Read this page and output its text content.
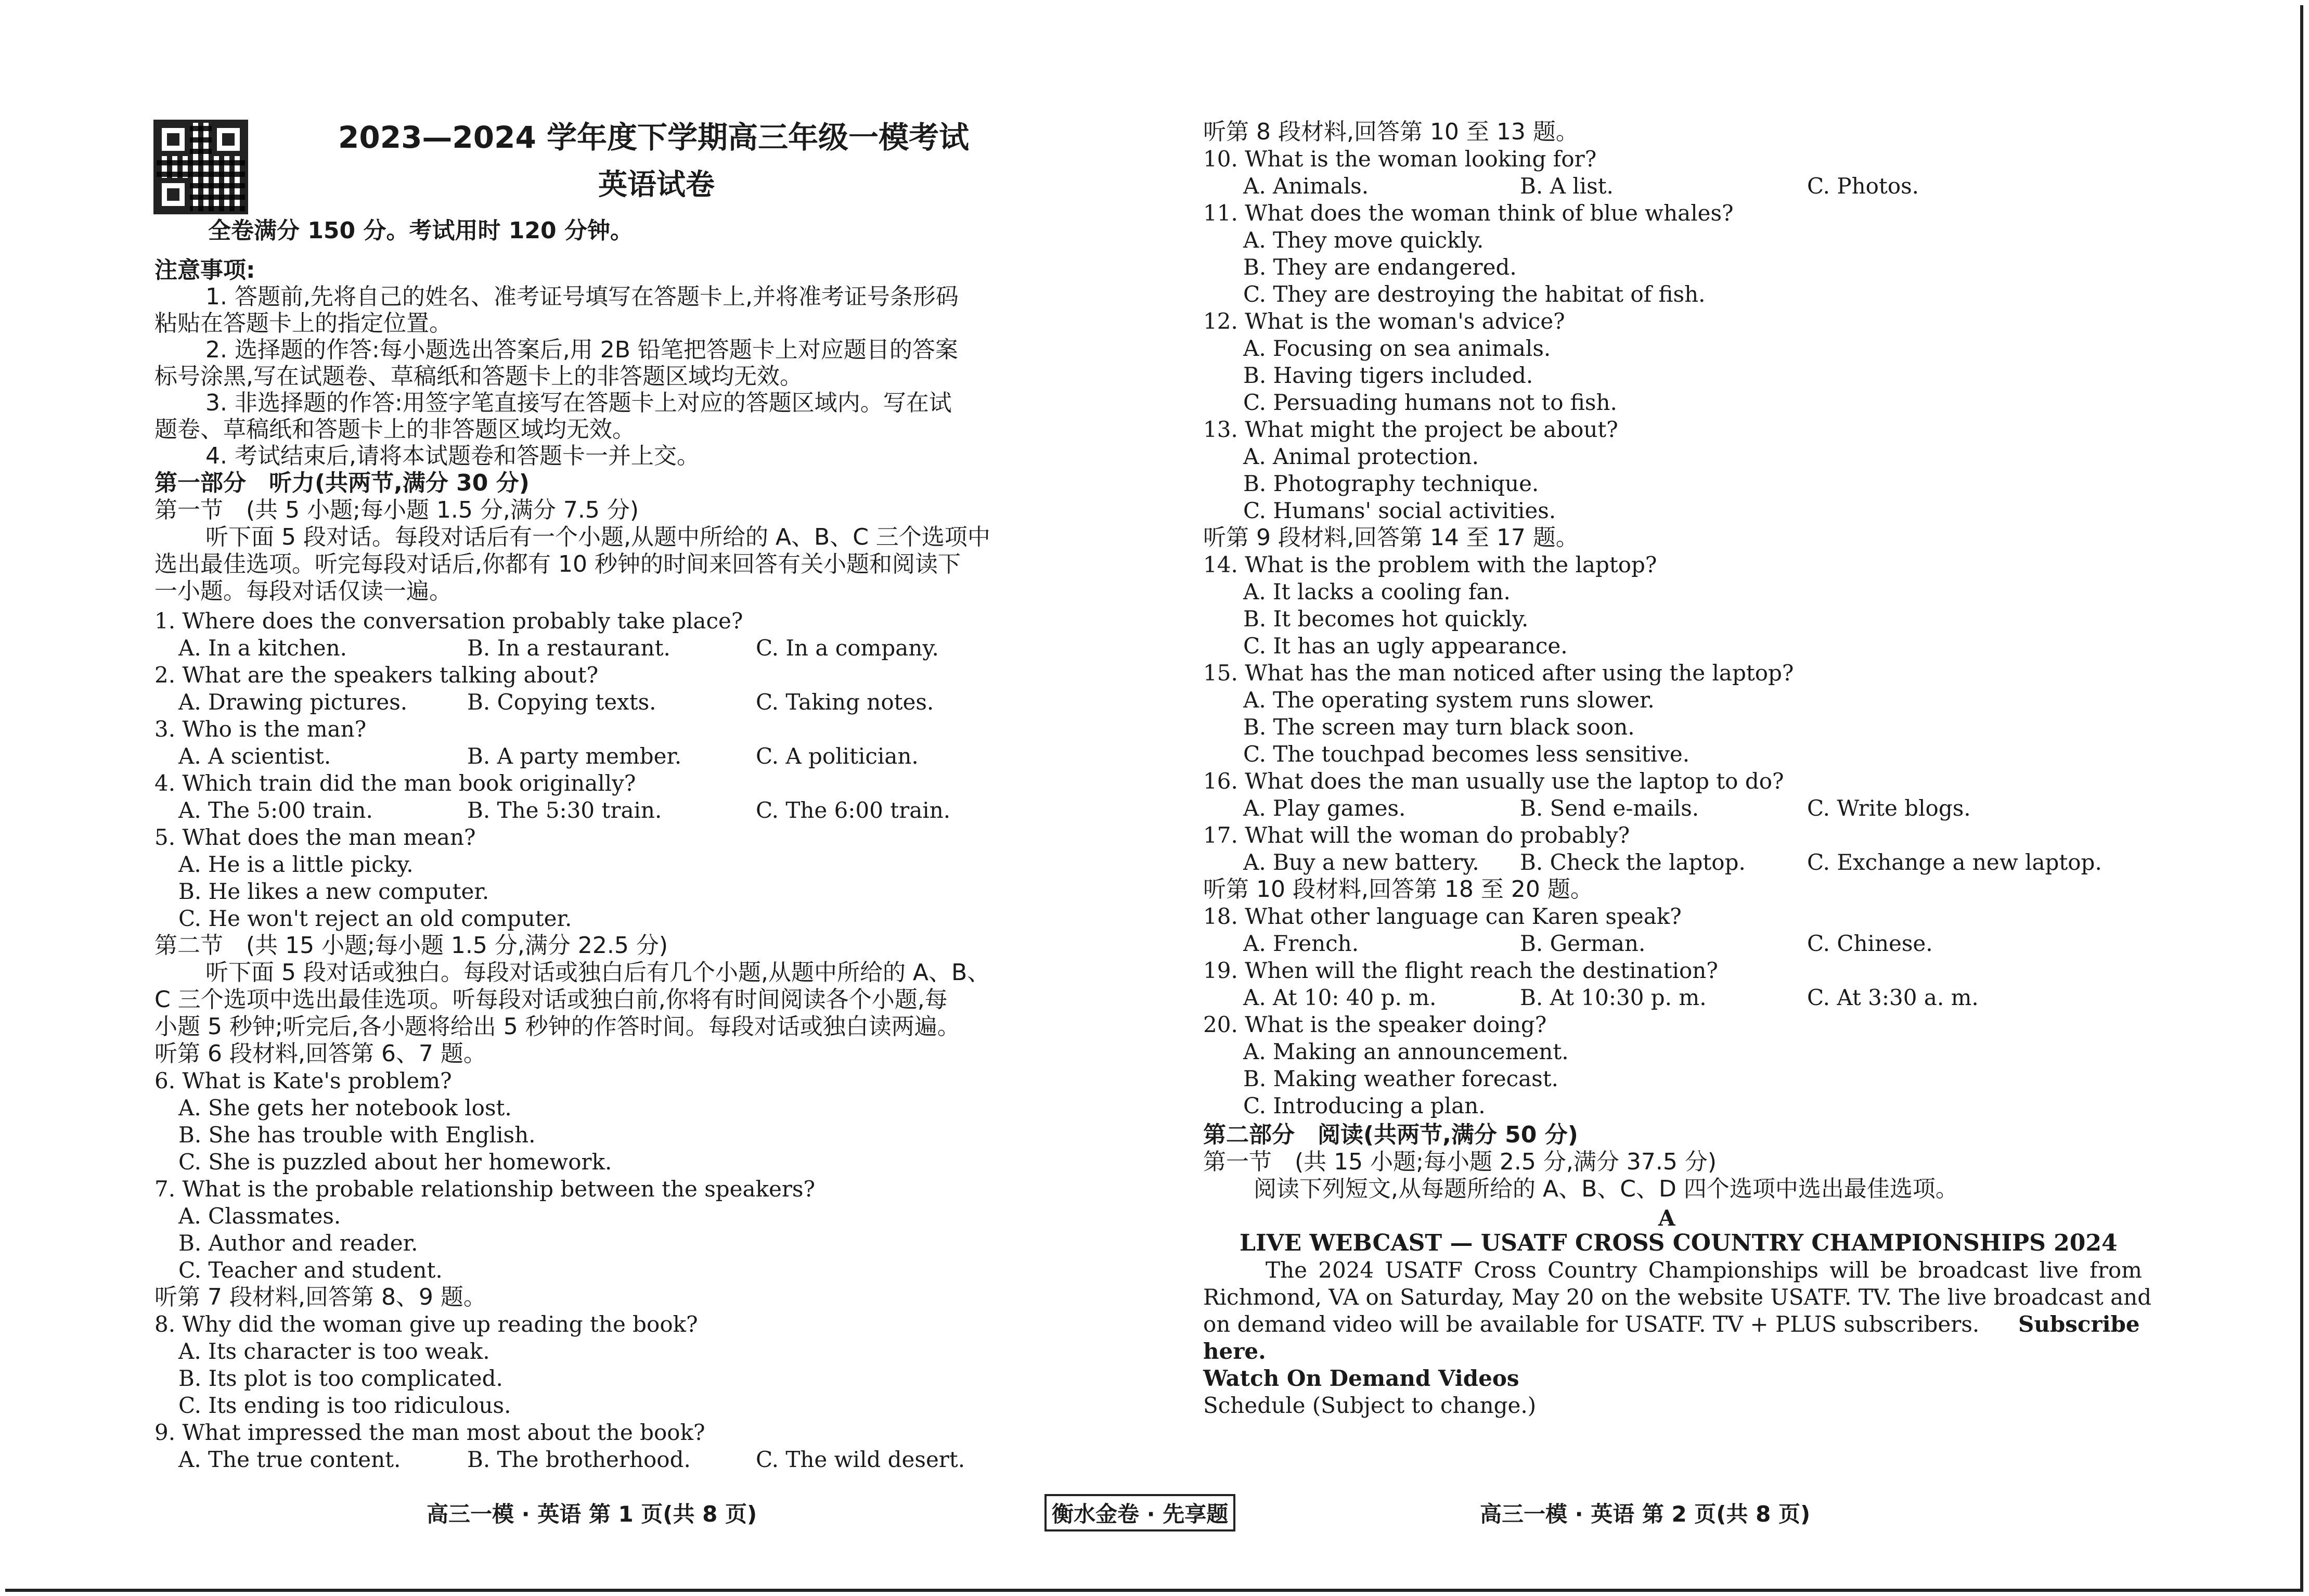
2023—2024 学年度下学期高三年级一模考试
英语试卷
全卷满分 150 分。考试用时 120 分钟。
注意事项:
1. 答题前,先将自己的姓名、准考证号填写在答题卡上,并将准考证号条形码
粘贴在答题卡上的指定位置。
2. 选择题的作答:每小题选出答案后,用 2B 铅笔把答题卡上对应题目的答案
标号涂黑,写在试题卷、草稿纸和答题卡上的非答题区域均无效。
3. 非选择题的作答:用签字笔直接写在答题卡上对应的答题区域内。写在试
题卷、草稿纸和答题卡上的非答题区域均无效。
4. 考试结束后,请将本试题卷和答题卡一并上交。
第一部分　听力(共两节,满分 30 分)
第一节　(共 5 小题;每小题 1.5 分,满分 7.5 分)
听下面 5 段对话。每段对话后有一个小题,从题中所给的 A、B、C 三个选项中
选出最佳选项。听完每段对话后,你都有 10 秒钟的时间来回答有关小题和阅读下
一小题。每段对话仅读一遍。
1. Where does the conversation probably take place?
A. In a kitchen.	B. In a restaurant.	C. In a company.
2. What are the speakers talking about?
A. Drawing pictures.	B. Copying texts.	C. Taking notes.
3. Who is the man?
A. A scientist.	B. A party member.	C. A politician.
4. Which train did the man book originally?
A. The 5:00 train.	B. The 5:30 train.	C. The 6:00 train.
5. What does the man mean?
A. He is a little picky.
B. He likes a new computer.
C. He won't reject an old computer.
第二节　(共 15 小题;每小题 1.5 分,满分 22.5 分)
听下面 5 段对话或独白。每段对话或独白后有几个小题,从题中所给的 A、B、
C 三个选项中选出最佳选项。听每段对话或独白前,你将有时间阅读各个小题,每
小题 5 秒钟;听完后,各小题将给出 5 秒钟的作答时间。每段对话或独白读两遍。
听第 6 段材料,回答第 6、7 题。
6. What is Kate's problem?
A. She gets her notebook lost.
B. She has trouble with English.
C. She is puzzled about her homework.
7. What is the probable relationship between the speakers?
A. Classmates.
B. Author and reader.
C. Teacher and student.
听第 7 段材料,回答第 8、9 题。
8. Why did the woman give up reading the book?
A. Its character is too weak.
B. Its plot is too complicated.
C. Its ending is too ridiculous.
9. What impressed the man most about the book?
A. The true content.	B. The brotherhood.	C. The wild desert.
听第 8 段材料,回答第 10 至 13 题。
10. What is the woman looking for?
A. Animals.	B. A list.	C. Photos.
11. What does the woman think of blue whales?
A. They move quickly.
B. They are endangered.
C. They are destroying the habitat of fish.
12. What is the woman's advice?
A. Focusing on sea animals.
B. Having tigers included.
C. Persuading humans not to fish.
13. What might the project be about?
A. Animal protection.
B. Photography technique.
C. Humans' social activities.
听第 9 段材料,回答第 14 至 17 题。
14. What is the problem with the laptop?
A. It lacks a cooling fan.
B. It becomes hot quickly.
C. It has an ugly appearance.
15. What has the man noticed after using the laptop?
A. The operating system runs slower.
B. The screen may turn black soon.
C. The touchpad becomes less sensitive.
16. What does the man usually use the laptop to do?
A. Play games.	B. Send e-mails.	C. Write blogs.
17. What will the woman do probably?
A. Buy a new battery. B. Check the laptop.	C. Exchange a new laptop.
听第 10 段材料,回答第 18 至 20 题。
18. What other language can Karen speak?
A. French.	B. German.	C. Chinese.
19. When will the flight reach the destination?
A. At 10: 40 p. m.	B. At 10:30 p. m.	C. At 3:30 a. m.
20. What is the speaker doing?
A. Making an announcement.
B. Making weather forecast.
C. Introducing a plan.
第二部分　阅读(共两节,满分 50 分)
第一节　(共 15 小题;每小题 2.5 分,满分 37.5 分)
阅读下列短文,从每题所给的 A、B、C、D 四个选项中选出最佳选项。
A
LIVE WEBCAST — USATF CROSS COUNTRY CHAMPIONSHIPS 2024
The 2024 USATF Cross Country Championships will be broadcast live from
Richmond, VA on Saturday, May 20 on the website USATF. TV. The live broadcast and
on demand video will be available for USATF. TV + PLUS subscribers. Subscribe
here.
Watch On Demand Videos
Schedule (Subject to change.)
高三一模 · 英语 第 1 页(共 8 页)	衡水金卷 · 先享题	高三一模 · 英语 第 2 页(共 8 页)
